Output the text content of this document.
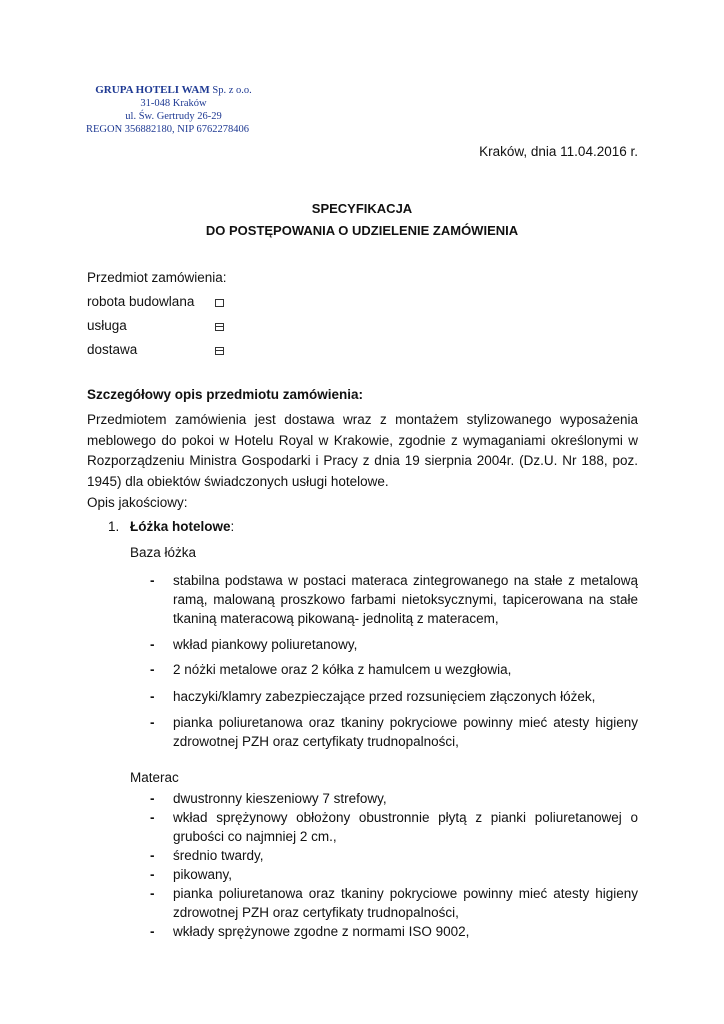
GRUPA HOTELI WAM Sp. z o.o.
31-048 Kraków
ul. Św. Gertrudy 26-29
REGON 356882180, NIP 6762278406
Kraków, dnia 11.04.2016 r.
SPECYFIKACJA
DO POSTĘPOWANIA O UDZIELENIE ZAMÓWIENIA
Przedmiot zamówienia:
robota budowlana
usługa
dostawa
Szczegółowy opis przedmiotu zamówienia:
Przedmiotem zamówienia jest dostawa wraz z montażem stylizowanego wyposażenia meblowego do pokoi w Hotelu Royal w Krakowie, zgodnie z wymaganiami określonymi w Rozporządzeniu Ministra Gospodarki i Pracy z dnia 19 sierpnia 2004r. (Dz.U. Nr 188, poz. 1945) dla obiektów świadczonych usługi hotelowe.
Opis jakościowy:
1. Łóżka hotelowe:
Baza łóżka
- stabilna podstawa w postaci materaca zintegrowanego na stałe z metalową ramą, malowaną proszkowo farbami nietoksycznymi, tapicerowana na stałe tkaniną materacową pikowaną- jednolitą z materacem,
- wkład piankowy poliuretanowy,
- 2 nóżki metalowe oraz 2 kółka z hamulcem u wezgłowia,
- haczyki/klamry zabezpieczające przed rozsunięciem złączonych łóżek,
- pianka poliuretanowa oraz tkaniny pokryciowe powinny mieć atesty higieny zdrowotnej PZH oraz certyfikaty trudnopalności,
Materac
- dwustronny kieszeniowy 7 strefowy,
- wkład sprężynowy obłożony obustronnie płytą z pianki poliuretanowej o grubości co najmniej 2 cm.,
- średnio twardy,
- pikowany,
- pianka poliuretanowa oraz tkaniny pokryciowe powinny mieć atesty higieny zdrowotnej PZH oraz certyfikaty trudnopalności,
- wkłady sprężynowe zgodne z normami ISO 9002,
